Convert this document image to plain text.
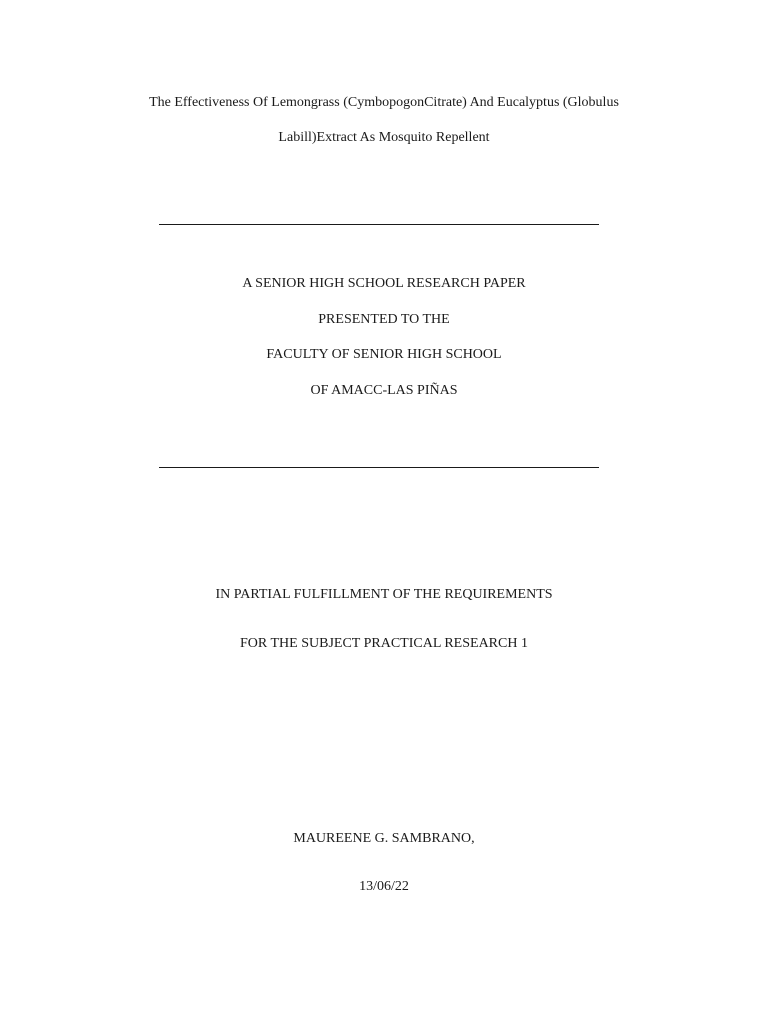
The Effectiveness Of Lemongrass (CymbopogonCitrate) And Eucalyptus (Globulus
Labill)Extract As Mosquito Repellent
A SENIOR HIGH SCHOOL RESEARCH PAPER
PRESENTED TO THE
FACULTY OF SENIOR HIGH SCHOOL
OF AMACC-LAS PIÑAS
IN PARTIAL FULFILLMENT OF THE REQUIREMENTS
FOR THE SUBJECT PRACTICAL RESEARCH 1
MAUREENE G. SAMBRANO,
13/06/22
